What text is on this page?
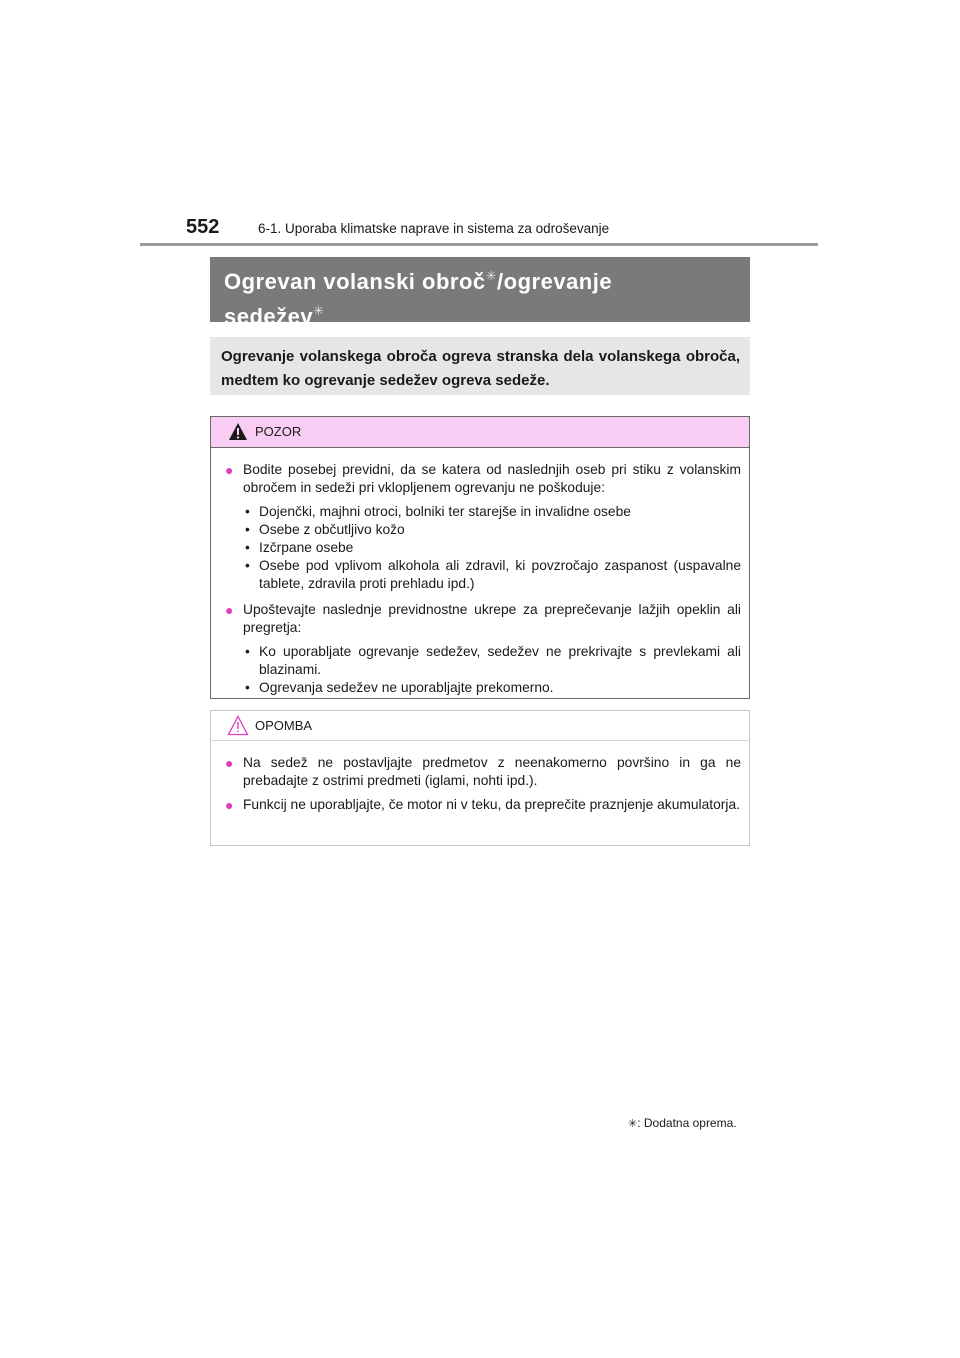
552	6-1. Uporaba klimatske naprave in sistema za odroševanje
Ogrevan volanski obroč✳/ogrevanje
sedežev✳
Ogrevanje volanskega obroča ogreva stranska dela volanskega obroča, medtem ko ogrevanje sedežev ogreva sedeže.
POZOR
● Bodite posebej previdni, da se katera od naslednjih oseb pri stiku z volanskim obročem in sedeži pri vklopljenem ogrevanju ne poškoduje:
• Dojenčki, majhni otroci, bolniki ter starejše in invalidne osebe
• Osebe z občutljivo kožo
• Izčrpane osebe
• Osebe pod vplivom alkohola ali zdravil, ki povzročajo zaspanost (uspavalne tablete, zdravila proti prehladu ipd.)
● Upoštevajte naslednje previdnostne ukrepe za preprečevanje lažjih opeklin ali pregretja:
• Ko uporabljate ogrevanje sedežev, sedežev ne prekrivajte s prevlekami ali blazinami.
• Ogrevanja sedežev ne uporabljajte prekomerno.
OPOMBA
● Na sedež ne postavljajte predmetov z neenakomerno površino in ga ne prebadajte z ostrimi predmeti (iglami, nohti ipd.).
● Funkcij ne uporabljajte, če motor ni v teku, da preprečite praznjenje akumulatorja.
✳: Dodatna oprema.
